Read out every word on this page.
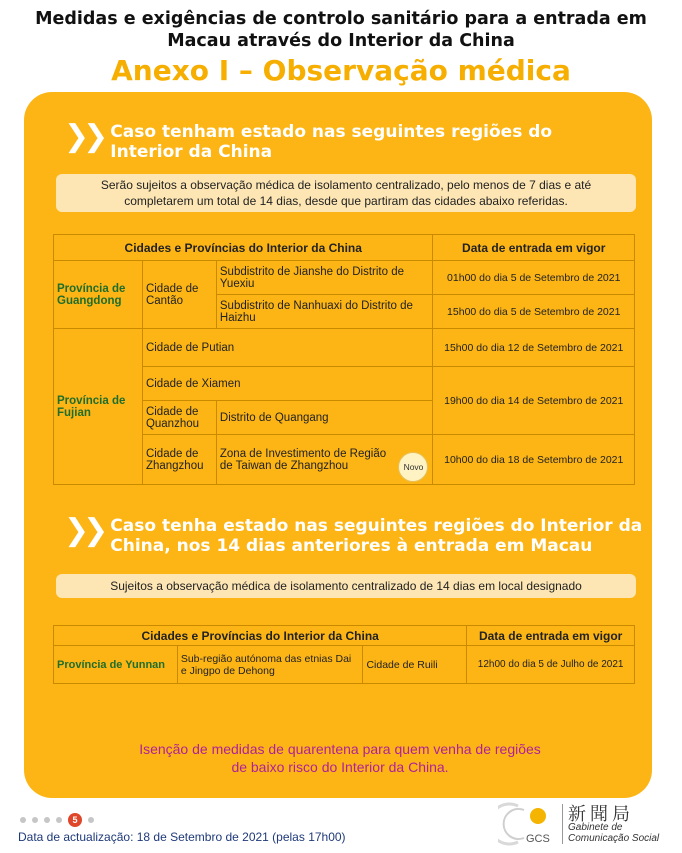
Medidas e exigências de controlo sanitário para a entrada em
Macau através do Interior da China
Anexo I – Observação médica
❯❯ Caso tenham estado nas seguintes regiões do
Interior da China
Serão sujeitos a observação médica de isolamento centralizado, pelo menos de 7 dias e até
completarem um total de 14 dias, desde que partiram das cidades abaixo referidas.
Cidades e Províncias do Interior da China			Data de entrada em vigor
Província de Guangdong	Cidade de Cantão	Subdistrito de Jianshe do Distrito de Yuexiu	01h00 do dia 5 de Setembro de 2021
		Subdistrito de Nanhuaxi do Distrito de Haizhu	15h00 do dia 5 de Setembro de 2021
Província de Fujian	Cidade de Putian		15h00 do dia 12 de Setembro de 2021
	Cidade de Xiamen		19h00 do dia 14 de Setembro de 2021
	Cidade de Quanzhou	Distrito de Quangang	
	Cidade de Zhangzhou	Zona de Investimento de Região de Taiwan de Zhangzhou Novo	10h00 do dia 18 de Setembro de 2021
❯❯ Caso tenha estado nas seguintes regiões do Interior da
China, nos 14 dias anteriores à entrada em Macau
Sujeitos a observação médica de isolamento centralizado de 14 dias em local designado
Cidades e Províncias do Interior da China			Data de entrada em vigor
Província de Yunnan	Sub-região autónoma das etnias Dai e Jingpo de Dehong	Cidade de Ruili	12h00 do dia 5 de Julho de 2021
Isenção de medidas de quarentena para quem venha de regiões
de baixo risco do Interior da China.
5
Data de actualização: 18 de Setembro de 2021 (pelas 17h00)	GCS
新聞局
Gabinete de
Comunicação Social
